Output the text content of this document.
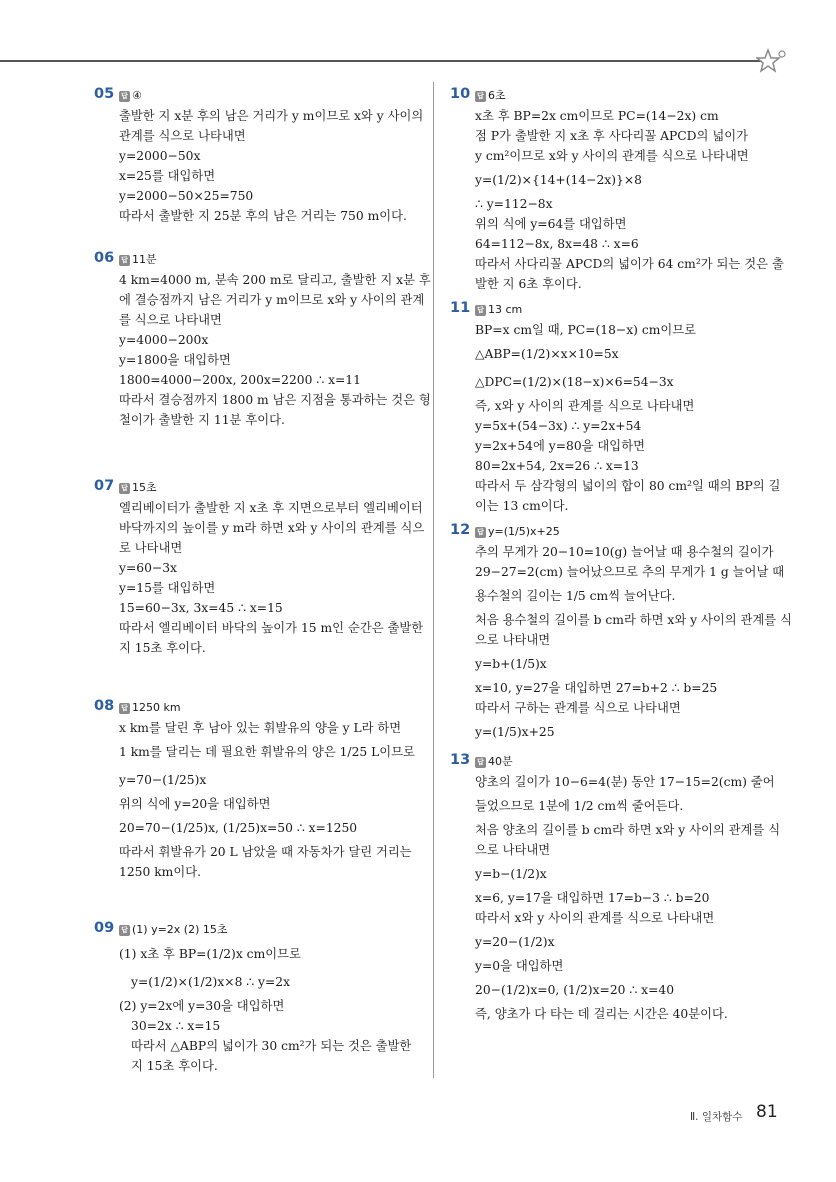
05 답 ④
출발한 지 x분 후의 남은 거리가 y m이므로 x와 y 사이의
관계를 식으로 나타내면
y=2000−50x
x=25를 대입하면
y=2000−50×25=750
따라서 출발한 지 25분 후의 남은 거리는 750 m이다.
06 답 11분
4 km=4000 m, 분속 200 m로 달리고, 출발한 지 x분 후
에 결승점까지 남은 거리가 y m이므로 x와 y 사이의 관계
를 식으로 나타내면
y=4000−200x
y=1800을 대입하면
1800=4000−200x, 200x=2200 ∴ x=11
따라서 결승점까지 1800 m 남은 지점을 통과하는 것은 형
철이가 출발한 지 11분 후이다.
07 답 15초
엘리베이터가 출발한 지 x초 후 지면으로부터 엘리베이터
바닥까지의 높이를 y m라 하면 x와 y 사이의 관계를 식으
로 나타내면
y=60−3x
y=15를 대입하면
15=60−3x, 3x=45 ∴ x=15
따라서 엘리베이터 바닥의 높이가 15 m인 순간은 출발한
지 15초 후이다.
08 답 1250 km
x km를 달린 후 남아 있는 휘발유의 양을 y L라 하면
1 km를 달리는 데 필요한 휘발유의 양은 1/25 L이므로
y=70−(1/25)x
위의 식에 y=20을 대입하면
20=70−(1/25)x, (1/25)x=50 ∴ x=1250
따라서 휘발유가 20 L 남았을 때 자동차가 달린 거리는
1250 km이다.
09 답 (1) y=2x (2) 15초
(1) x초 후 BP=(1/2)x cm이므로
y=(1/2)×(1/2)x×8 ∴ y=2x
(2) y=2x에 y=30을 대입하면
30=2x ∴ x=15
따라서 △ABP의 넓이가 30 cm²가 되는 것은 출발한
지 15초 후이다.
10 답 6초
x초 후 BP=2x cm이므로 PC=(14−2x) cm
점 P가 출발한 지 x초 후 사다리꼴 APCD의 넓이가
y cm²이므로 x와 y 사이의 관계를 식으로 나타내면
y=(1/2)×{14+(14−2x)}×8
∴ y=112−8x
위의 식에 y=64를 대입하면
64=112−8x, 8x=48 ∴ x=6
따라서 사다리꼴 APCD의 넓이가 64 cm²가 되는 것은 출
발한 지 6초 후이다.
11 답 13 cm
BP=x cm일 때, PC=(18−x) cm이므로
△ABP=(1/2)×x×10=5x
△DPC=(1/2)×(18−x)×6=54−3x
즉, x와 y 사이의 관계를 식으로 나타내면
y=5x+(54−3x) ∴ y=2x+54
y=2x+54에 y=80을 대입하면
80=2x+54, 2x=26 ∴ x=13
따라서 두 삼각형의 넓이의 합이 80 cm²일 때의 BP의 길
이는 13 cm이다.
12 답 y=(1/5)x+25
추의 무게가 20−10=10(g) 늘어날 때 용수철의 길이가
29−27=2(cm) 늘어났으므로 추의 무게가 1 g 늘어날 때
용수철의 길이는 1/5 cm씩 늘어난다.
처음 용수철의 길이를 b cm라 하면 x와 y 사이의 관계를 식
으로 나타내면
y=b+(1/5)x
x=10, y=27을 대입하면 27=b+2 ∴ b=25
따라서 구하는 관계를 식으로 나타내면
y=(1/5)x+25
13 답 40분
양초의 길이가 10−6=4(분) 동안 17−15=2(cm) 줄어
들었으므로 1분에 1/2 cm씩 줄어든다.
처음 양초의 길이를 b cm라 하면 x와 y 사이의 관계를 식
으로 나타내면
y=b−(1/2)x
x=6, y=17을 대입하면 17=b−3 ∴ b=20
따라서 x와 y 사이의 관계를 식으로 나타내면
y=20−(1/2)x
y=0을 대입하면
20−(1/2)x=0, (1/2)x=20 ∴ x=40
즉, 양초가 다 타는 데 걸리는 시간은 40분이다.
Ⅱ. 일차함수 81
